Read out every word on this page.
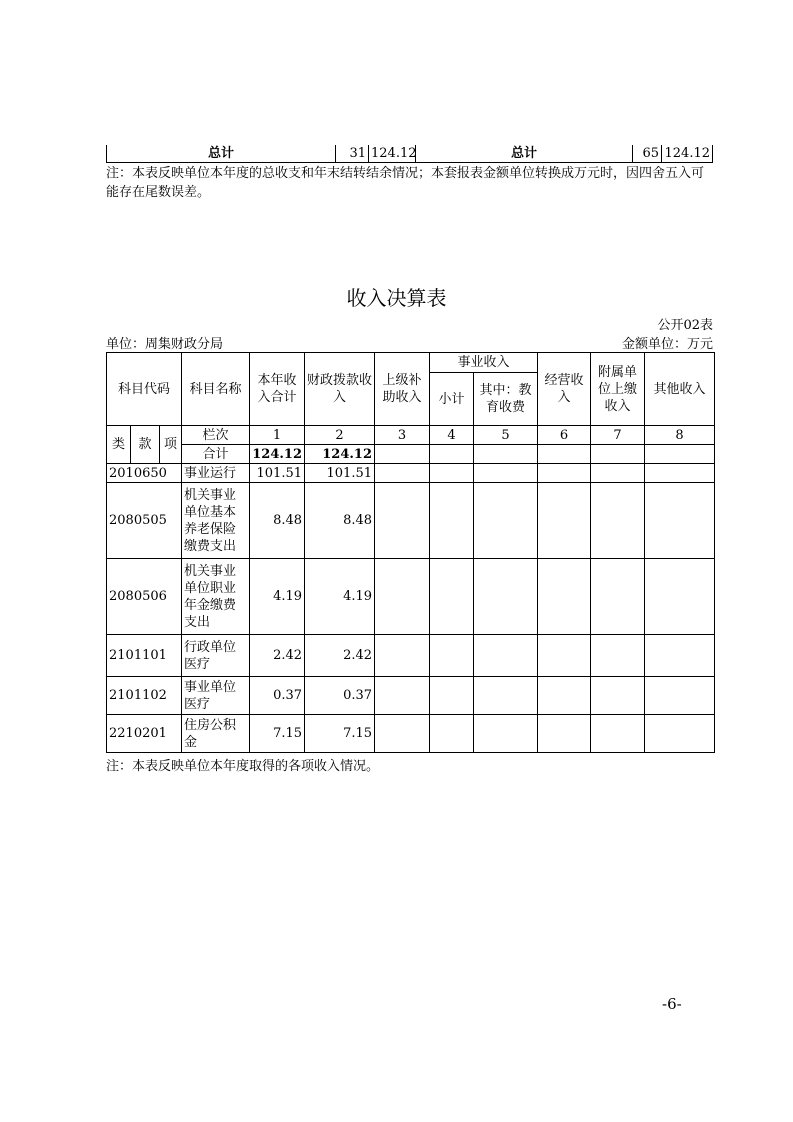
总计	31	124.12	总计	65	124.12
注：本表反映单位本年度的总收支和年末结转结余情况；本套报表金额单位转换成万元时，因四舍五入可能存在尾数误差。
收入决算表
公开02表
单位：周集财政分局	金额单位：万元
科目代码			科目名称	本年收入合计	财政拨款收入	上级补助收入	事业收入		经营收入	附属单位上缴收入	其他收入
							小计	其中：教育收费			
类	款	项	栏次	1	2	3	4	5	6	7	8
			合计	124.12	124.12						
2010650			事业运行	101.51	101.51						
2080505			机关事业单位基本养老保险缴费支出	8.48	8.48						
2080506			机关事业单位职业年金缴费支出	4.19	4.19						
2101101			行政单位医疗	2.42	2.42						
2101102			事业单位医疗	0.37	0.37						
2210201			住房公积金	7.15	7.15						
注：本表反映单位本年度取得的各项收入情况。
-6-
